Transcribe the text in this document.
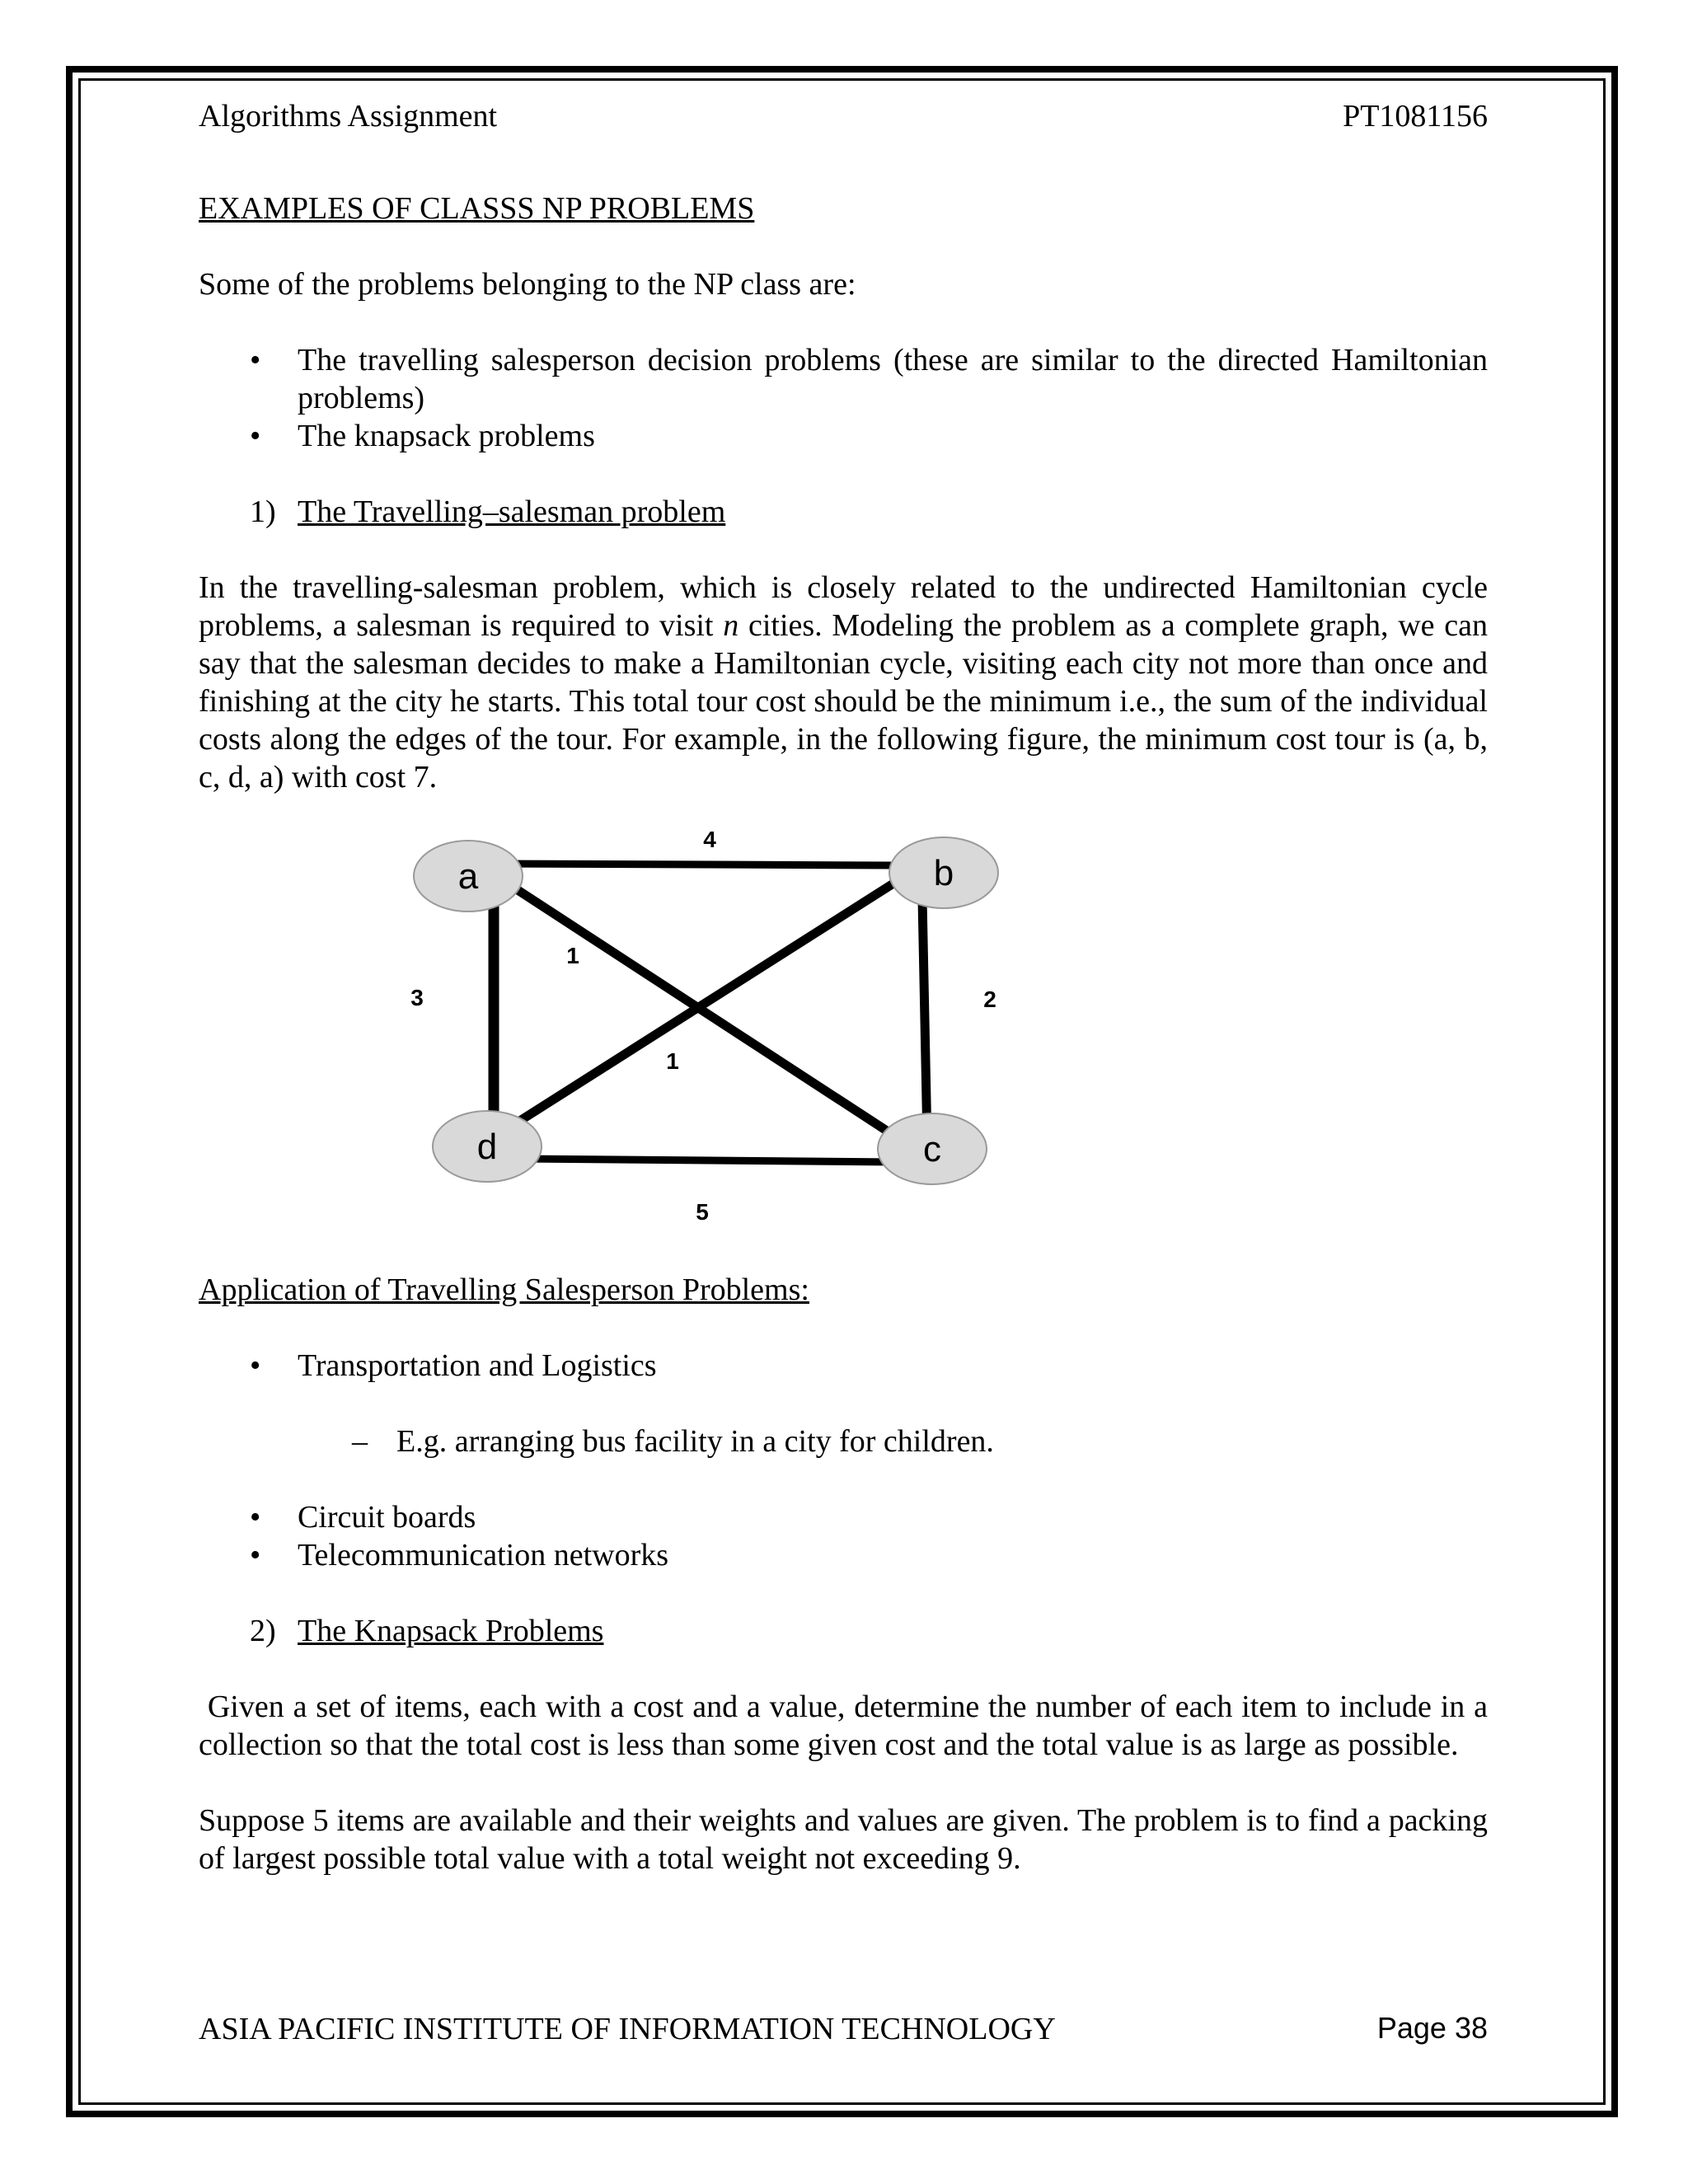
Algorithms Assignment	PT1081156
EXAMPLES OF CLASSS NP PROBLEMS
Some of the problems belonging to the NP class are:
• The travelling salesperson decision problems (these are similar to the directed Hamiltonian problems)
• The knapsack problems
1) The Travelling–salesman problem
In the travelling-salesman problem, which is closely related to the undirected Hamiltonian cycle problems, a salesman is required to visit n cities. Modeling the problem as a complete graph, we can say that the salesman decides to make a Hamiltonian cycle, visiting each city not more than once and finishing at the city he starts. This total tour cost should be the minimum i.e., the sum of the individual costs along the edges of the tour. For example, in the following figure, the minimum cost tour is (a, b, c, d, a) with cost 7.
a	b
c
d
4
2
5
3
1
1
Application of Travelling Salesperson Problems:
• Transportation and Logistics
– E.g. arranging bus facility in a city for children.
• Circuit boards
• Telecommunication networks
2) The Knapsack Problems
Given a set of items, each with a cost and a value, determine the number of each item to include in a collection so that the total cost is less than some given cost and the total value is as large as possible.
Suppose 5 items are available and their weights and values are given. The problem is to find a packing of largest possible total value with a total weight not exceeding 9.
ASIA PACIFIC INSTITUTE OF INFORMATION TECHNOLOGY	Page 38
